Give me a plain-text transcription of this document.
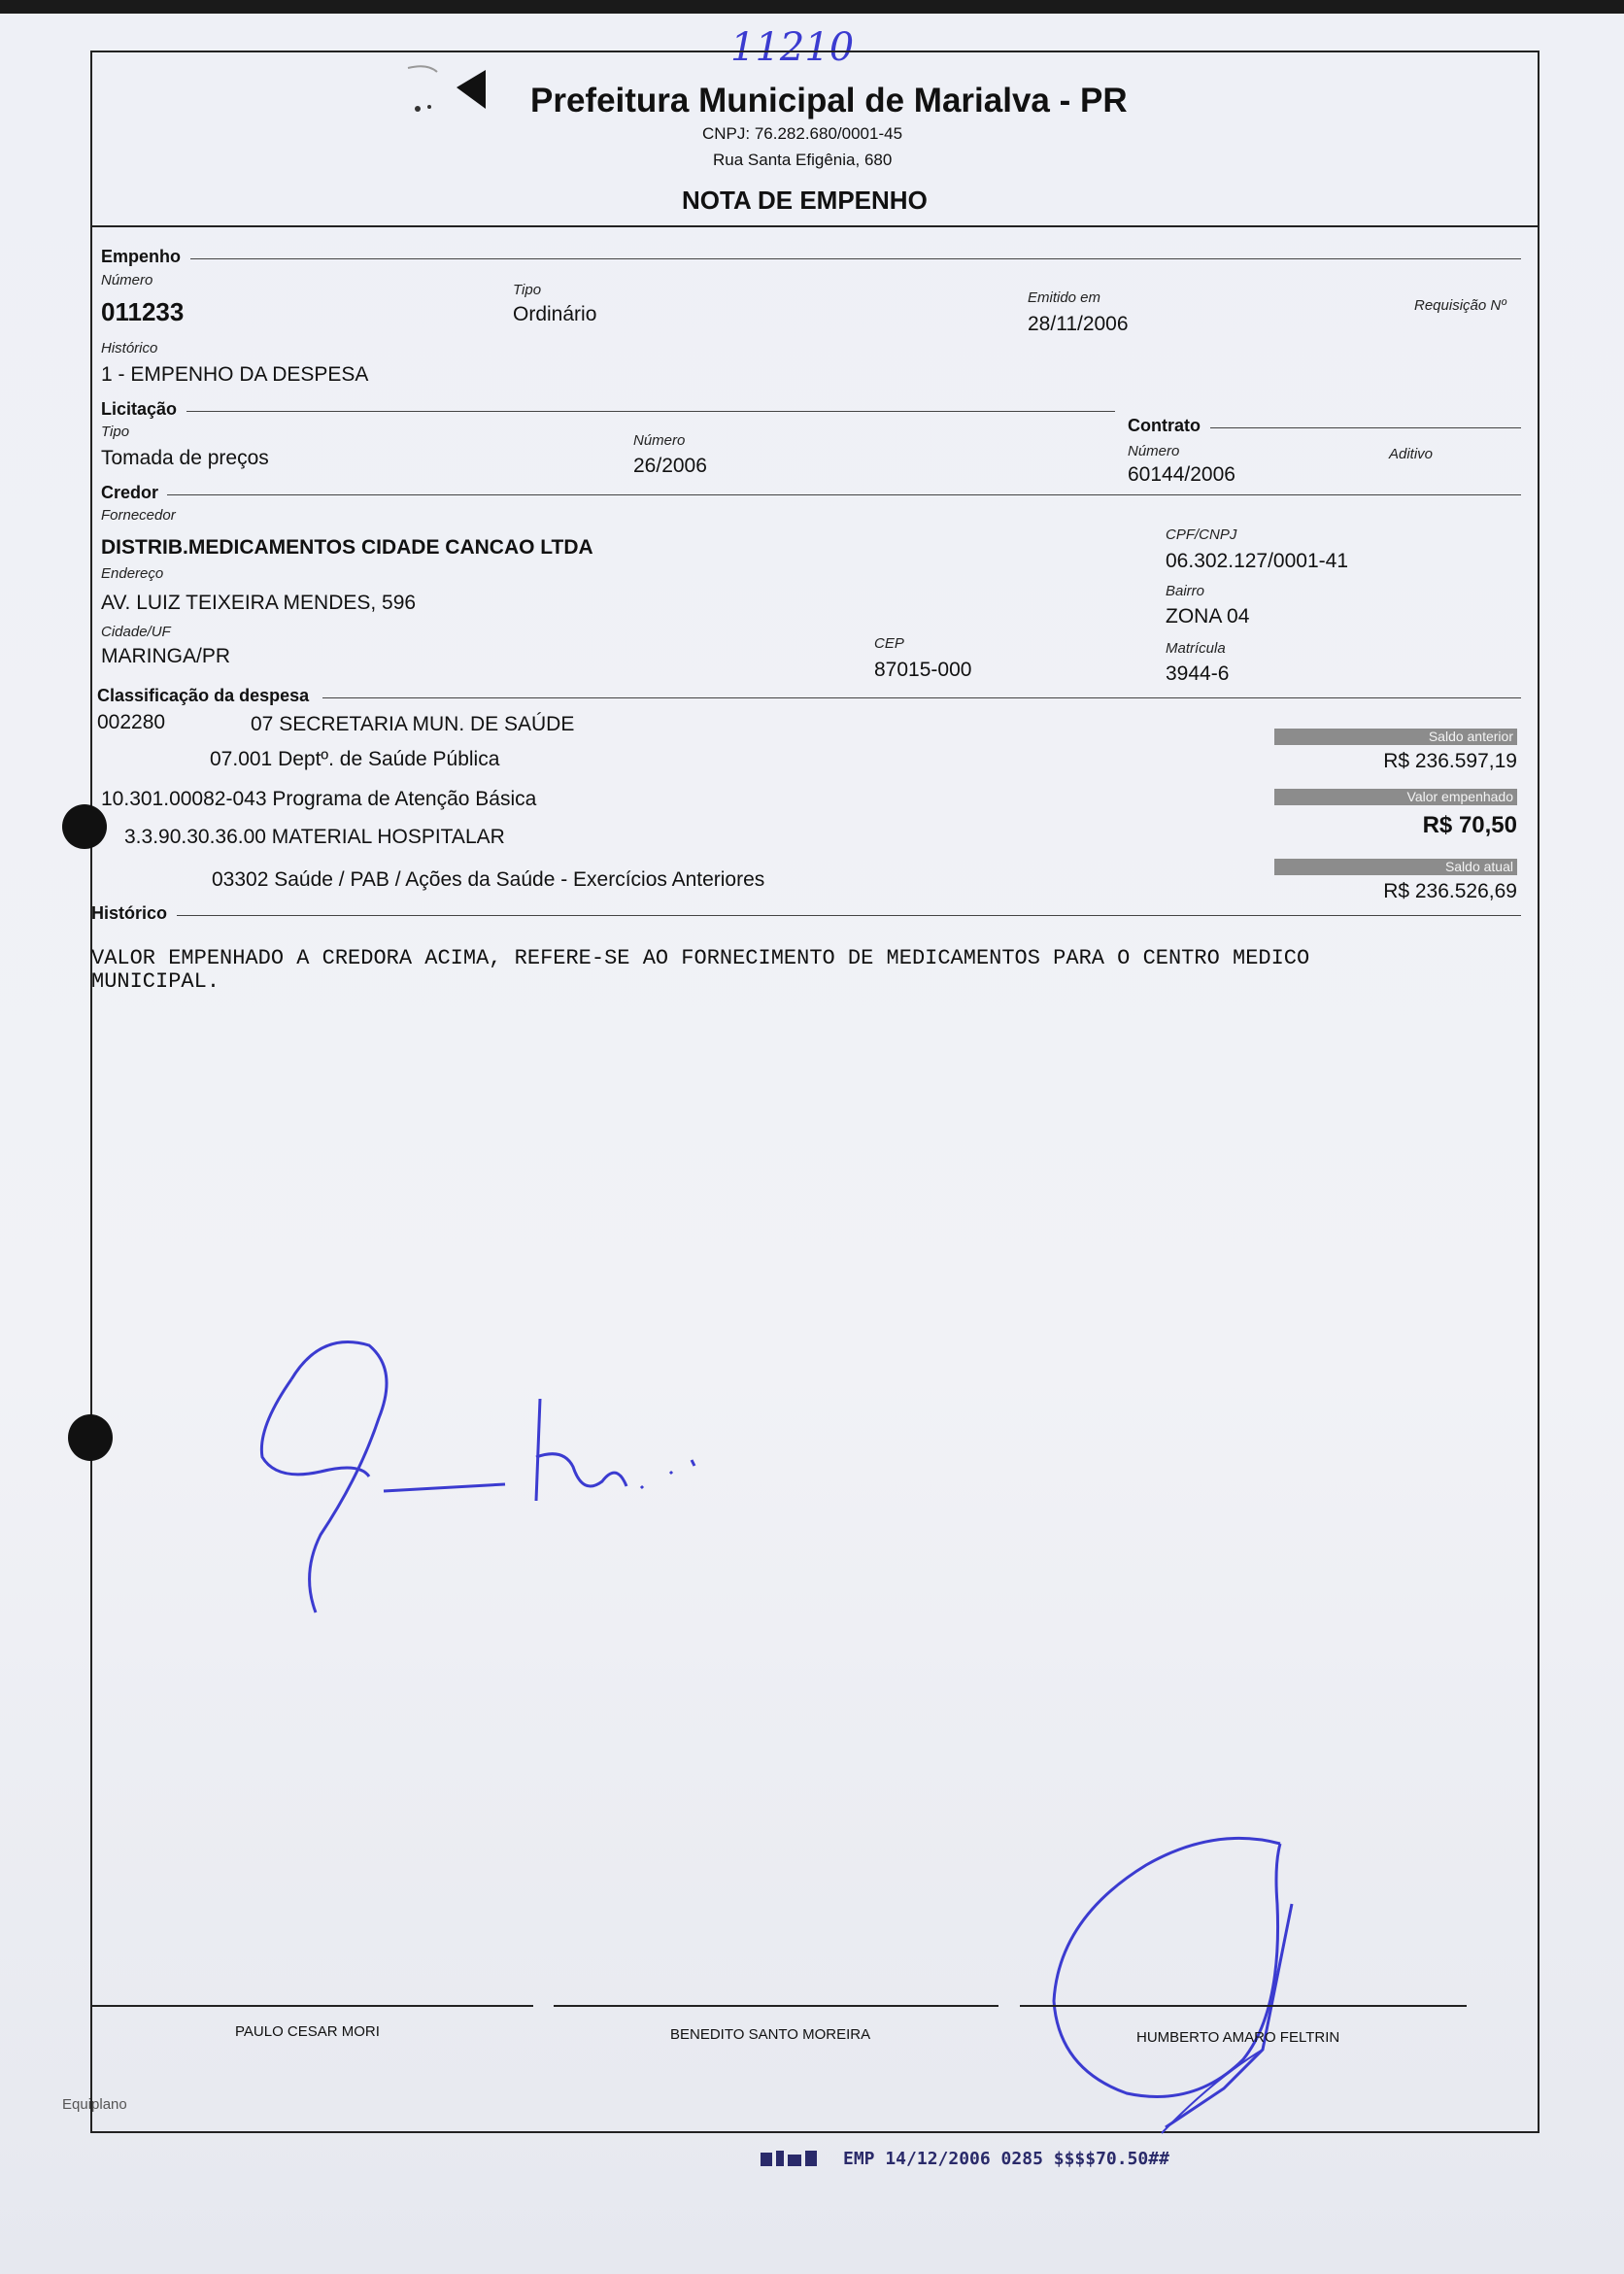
11210
Prefeitura Municipal de Marialva - PR
CNPJ: 76.282.680/0001-45
Rua Santa Efigênia, 680
NOTA DE EMPENHO
Empenho
Número
011233
Tipo
Ordinário
Emitido em
28/11/2006
Requisição Nº
Histórico
1 - EMPENHO DA DESPESA
Licitação
Tipo
Tomada de preços
Número
26/2006
Contrato
Número
60144/2006
Aditivo
Credor
Fornecedor
DISTRIB.MEDICAMENTOS CIDADE CANCAO LTDA
CPF/CNPJ
06.302.127/0001-41
Endereço
AV. LUIZ TEIXEIRA MENDES, 596
Bairro
ZONA 04
Cidade/UF
MARINGA/PR
CEP
87015-000
Matrícula
3944-6
Classificação da despesa
002280	07 SECRETARIA MUN. DE SAÚDE
07.001 Deptº. de Saúde Pública
10.301.00082-043 Programa de Atenção Básica
3.3.90.30.36.00 MATERIAL HOSPITALAR
03302 Saúde / PAB / Ações da Saúde - Exercícios Anteriores
Saldo anterior
R$ 236.597,19
Valor empenhado
R$ 70,50
Saldo atual
R$ 236.526,69
Histórico
VALOR EMPENHADO A CREDORA ACIMA, REFERE-SE AO FORNECIMENTO DE MEDICAMENTOS PARA O CENTRO MEDICO
MUNICIPAL.
PAULO CESAR MORI	BENEDITO SANTO MOREIRA	HUMBERTO AMARO FELTRIN
Equiplano
EMP 14/12/2006 0285 $$$$70.50##
